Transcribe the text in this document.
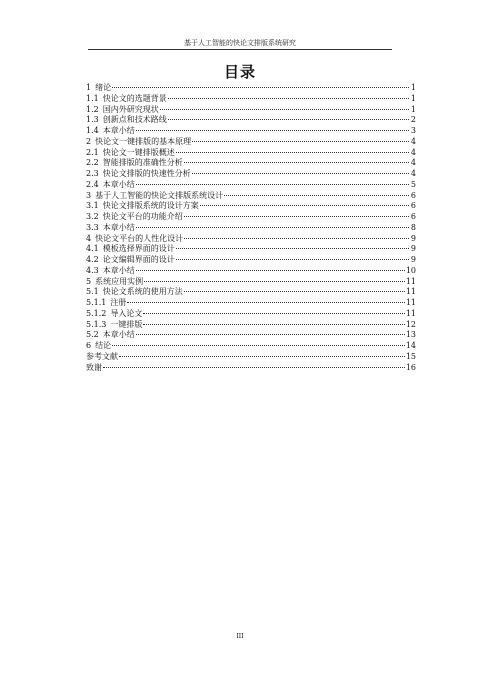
基于人工智能的快论文排版系统研究
目录
1 绪论	1
1.1 快论文的选题背景	1
1.2 国内外研究现状	1
1.3 创新点和技术路线	2
1.4 本章小结	3
2 快论文一键排版的基本原理	4
2.1 快论文一键排版概述	4
2.2 智能排版的准确性分析	4
2.3 快论文排版的快速性分析	4
2.4 本章小结	5
3 基于人工智能的快论文排版系统设计	6
3.1 快论文排版系统的设计方案	6
3.2 快论文平台的功能介绍	6
3.3 本章小结	8
4 快论文平台的人性化设计	9
4.1 模板选择界面的设计	9
4.2 论文编辑界面的设计	9
4.3 本章小结	10
5 系统应用实例	11
5.1 快论文系统的使用方法	11
5.1.1 注册	11
5.1.2 导入论文	11
5.1.3 一键排版	12
5.2 本章小结	13
6 结论	14
参考文献	15
致谢	16
III
